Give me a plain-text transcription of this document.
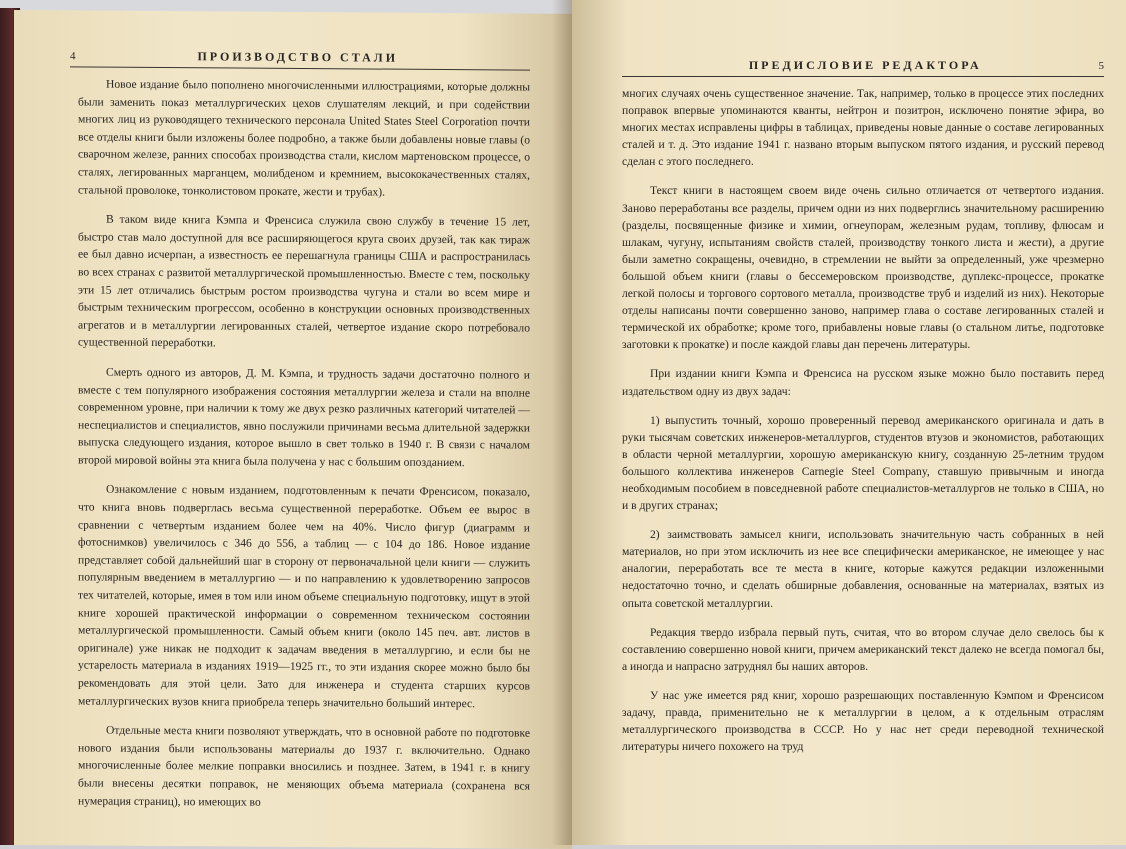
4	ПРОИЗВОДСТВО СТАЛИ

Новое издание было пополнено многочисленными иллюстрациями, которые должны были заменить показ металлургических цехов слушателям лекций, и при содействии многих лиц из руководящего технического персонала United States Steel Corporation почти все отделы книги были изложены более подробно, а также были добавлены новые главы (о сварочном железе, ранних способах производства стали, кислом мартеновском процессе, о сталях, легированных марганцем, молибденом и кремнием, высококачественных сталях, стальной проволоке, тонколистовом прокате, жести и трубах).

В таком виде книга Кэмпа и Френсиса служила свою службу в течение 15 лет, быстро став мало доступной для все расширяющегося круга своих друзей, так как тираж ее был давно исчерпан, а известность ее перешагнула границы США и распространилась во всех странах с развитой металлургической промышленностью. Вместе с тем, поскольку эти 15 лет отличались быстрым ростом производства чугуна и стали во всем мире и быстрым техническим прогрессом, особенно в конструкции основных производственных агрегатов и в металлургии легированных сталей, четвертое издание скоро потребовало существенной переработки.

Смерть одного из авторов, Д. М. Кэмпа, и трудность задачи достаточно полного и вместе с тем популярного изображения состояния металлургии железа и стали на вполне современном уровне, при наличии к тому же двух резко различных категорий читателей — неспециалистов и специалистов, явно послужили причинами весьма длительной задержки выпуска следующего издания, которое вышло в свет только в 1940 г. В связи с началом второй мировой войны эта книга была получена у нас с большим опозданием.

Ознакомление с новым изданием, подготовленным к печати Френсисом, показало, что книга вновь подверглась весьма существенной переработке. Объем ее вырос в сравнении с четвертым изданием более чем на 40%. Число фигур (диаграмм и фотоснимков) увеличилось с 346 до 556, а таблиц — с 104 до 186. Новое издание представляет собой дальнейший шаг в сторону от первоначальной цели книги — служить популярным введением в металлургию — и по направлению к удовлетворению запросов тех читателей, которые, имея в том или ином объеме специальную подготовку, ищут в этой книге хорошей практической информации о современном техническом состоянии металлургической промышленности. Самый объем книги (около 145 печ. авт. листов в оригинале) уже никак не подходит к задачам введения в металлургию, и если бы не устарелость материала в изданиях 1919—1925 гг., то эти издания скорее можно было бы рекомендовать для этой цели. Зато для инженера и студента старших курсов металлургических вузов книга приобрела теперь значительно больший интерес.

Отдельные места книги позволяют утверждать, что в основной работе по подготовке нового издания были использованы материалы до 1937 г. включительно. Однако многочисленные более мелкие поправки вносились и позднее. Затем, в 1941 г. в книгу были внесены десятки поправок, не меняющих объема материала (сохранена вся нумерация страниц), но имеющих во

ПРЕДИСЛОВИЕ РЕДАКТОРА	5

многих случаях очень существенное значение. Так, например, только в процессе этих последних поправок впервые упоминаются кванты, нейтрон и позитрон, исключено понятие эфира, во многих местах исправлены цифры в таблицах, приведены новые данные о составе легированных сталей и т. д. Это издание 1941 г. названо вторым выпуском пятого издания, и русский перевод сделан с этого последнего.

Текст книги в настоящем своем виде очень сильно отличается от четвертого издания. Заново переработаны все разделы, причем одни из них подверглись значительному расширению (разделы, посвященные физике и химии, огнеупорам, железным рудам, топливу, флюсам и шлакам, чугуну, испытаниям свойств сталей, производству тонкого листа и жести), а другие были заметно сокращены, очевидно, в стремлении не выйти за определенный, уже чрезмерно большой объем книги (главы о бессемеровском производстве, дуплекс-процессе, прокатке легкой полосы и торгового сортового металла, производстве труб и изделий из них). Некоторые отделы написаны почти совершенно заново, например глава о составе легированных сталей и термической их обработке; кроме того, прибавлены новые главы (о стальном литье, подготовке заготовки к прокатке) и после каждой главы дан перечень литературы.

При издании книги Кэмпа и Френсиса на русском языке можно было поставить перед издательством одну из двух задач:

1) выпустить точный, хорошо проверенный перевод американского оригинала и дать в руки тысячам советских инженеров-металлургов, студентов втузов и экономистов, работающих в области черной металлургии, хорошую американскую книгу, созданную 25-летним трудом большого коллектива инженеров Carnegie Steel Company, ставшую привычным и иногда необходимым пособием в повседневной работе специалистов-металлургов не только в США, но и в других странах;

2) заимствовать замысел книги, использовать значительную часть собранных в ней материалов, но при этом исключить из нее все специфически американское, не имеющее у нас аналогии, переработать все те места в книге, которые кажутся редакции изложенными недостаточно точно, и сделать обширные добавления, основанные на материалах, взятых из опыта советской металлургии.

Редакция твердо избрала первый путь, считая, что во втором случае дело свелось бы к составлению совершенно новой книги, причем американский текст далеко не всегда помогал бы, а иногда и напрасно затруднял бы наших авторов.

У нас уже имеется ряд книг, хорошо разрешающих поставленную Кэмпом и Френсисом задачу, правда, применительно не к металлургии в целом, а к отдельным отраслям металлургического производства в СССР. Но у нас нет среди переводной технической литературы ничего похожего на труд
